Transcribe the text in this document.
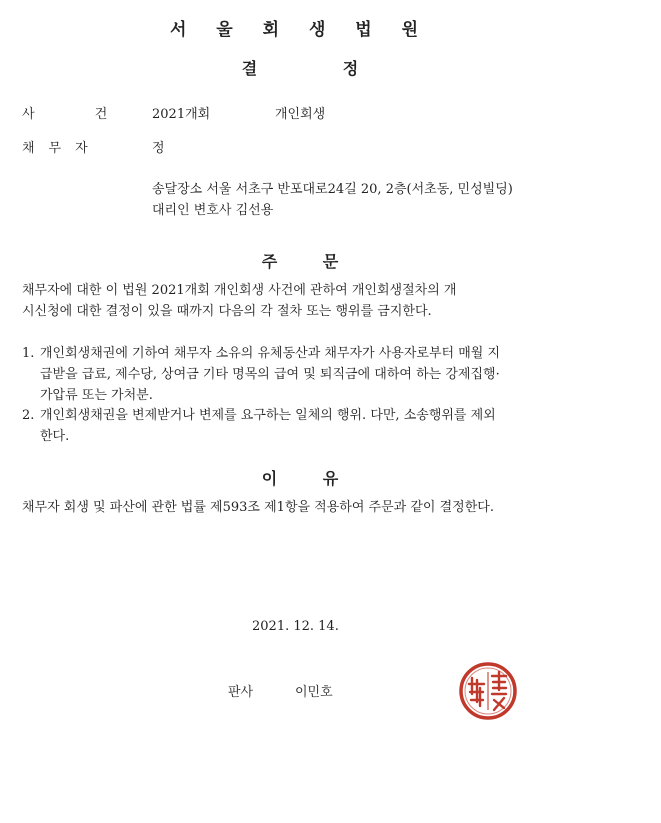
서 울 회 생 법 원
결 정
사 건 2021개회	개인회생
채무자	정
송달장소 서울 서초구 반포대로24길 20, 2층(서초동, 민성빌딩)
대리인 변호사 김선용
주 문
채무자에 대한 이 법원 2021개회 개인회생 사건에 관하여 개인회생절차의 개
시신청에 대한 결정이 있을 때까지 다음의 각 절차 또는 행위를 금지한다.
1. 개인회생채권에 기하여 채무자 소유의 유체동산과 채무자가 사용자로부터 매월 지
급받을 급료, 제수당, 상여금 기타 명목의 급여 및 퇴직금에 대하여 하는 강제집행·
가압류 또는 가처분.
2. 개인회생채권을 변제받거나 변제를 요구하는 일체의 행위. 다만, 소송행위를 제외
한다.
이 유
채무자 회생 및 파산에 관한 법률 제593조 제1항을 적용하여 주문과 같이 결정한다.
2021. 12. 14.
판사	이민호
